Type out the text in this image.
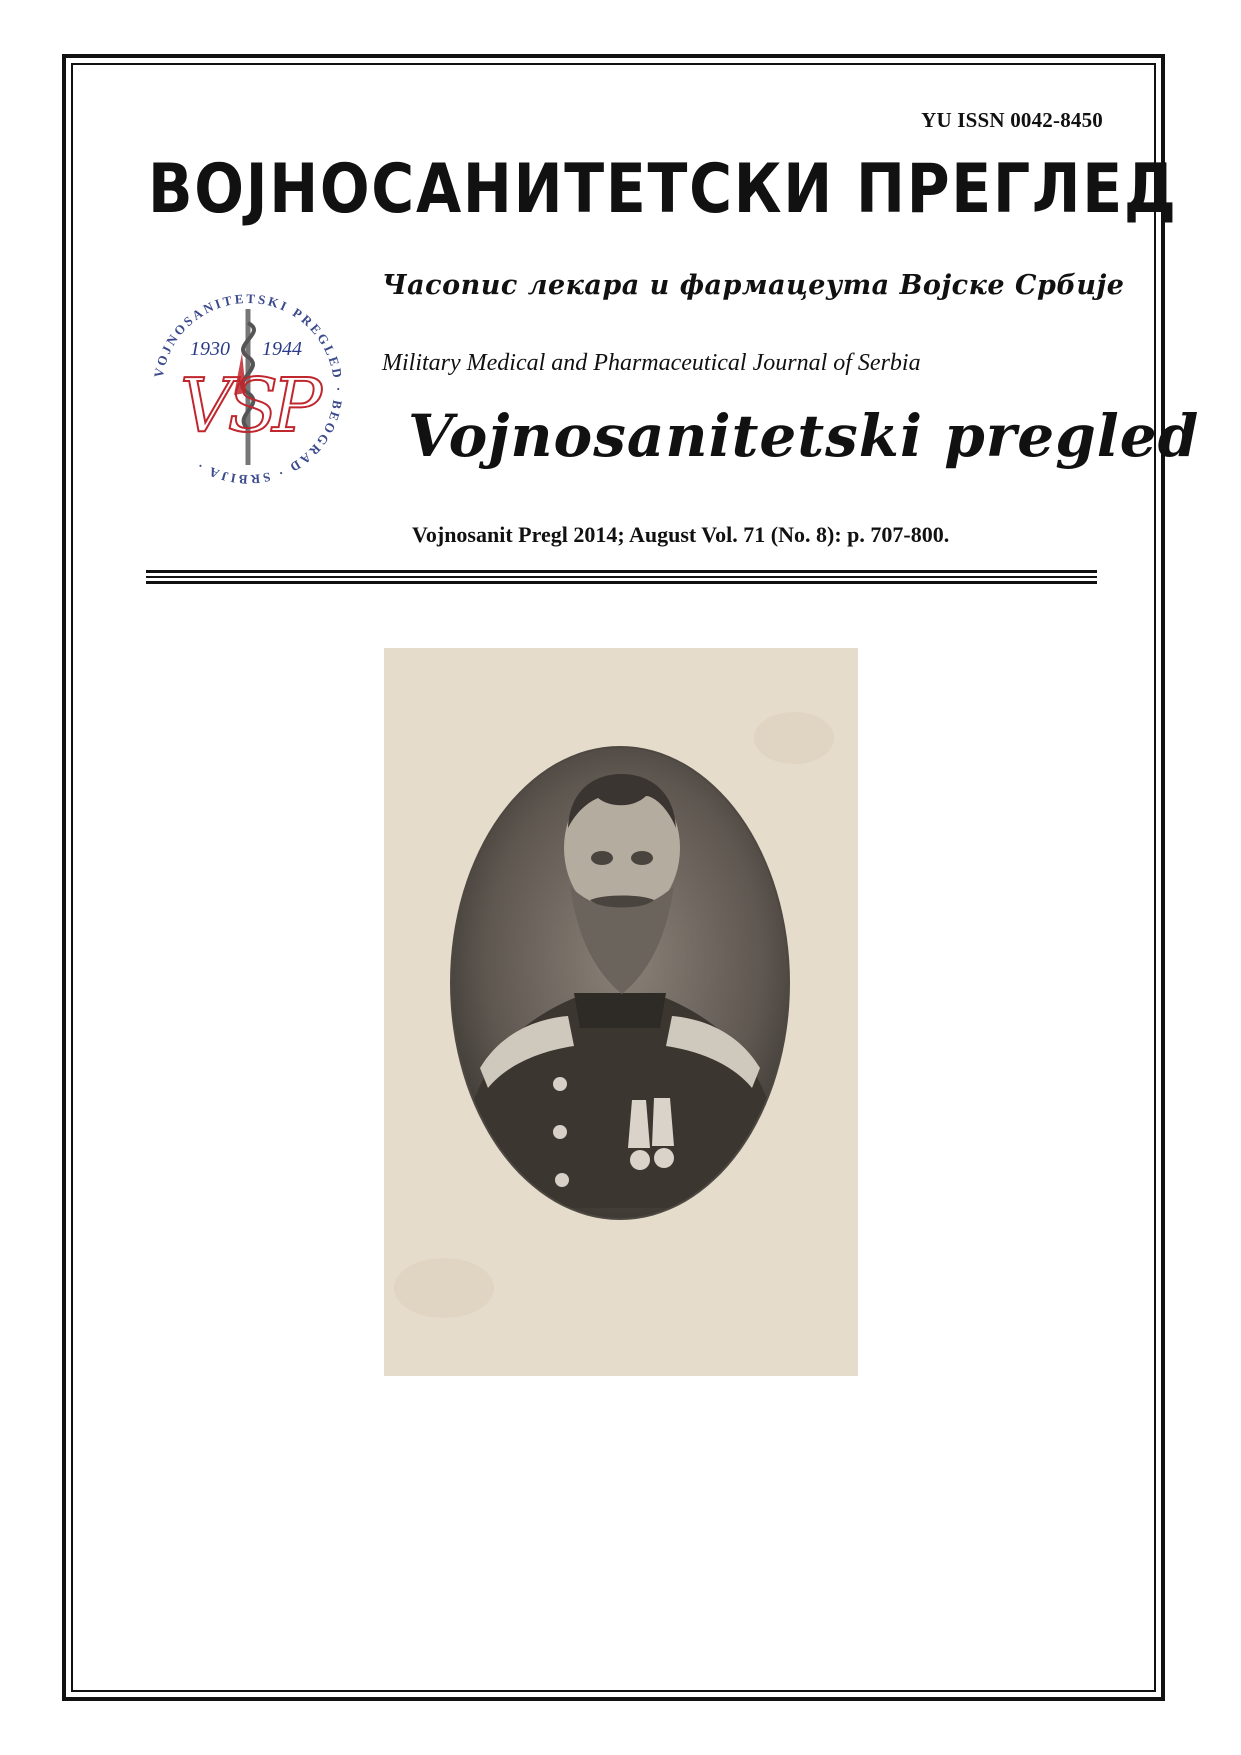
YU ISSN 0042-8450
ВОЈНОСАНИТЕТСКИ ПРЕГЛЕД
Часопис лекара и фармацеута Војске Србије
VOJNOSANITETSKI PREGLED · BEOGRAD · SRBIJA ·
1930 1944
VSP	Military Medical and Pharmaceutical Journal of Serbia
Vojnosanitetski pregled
Vojnosanit Pregl 2014; August Vol. 71 (No. 8): p. 707-800.
